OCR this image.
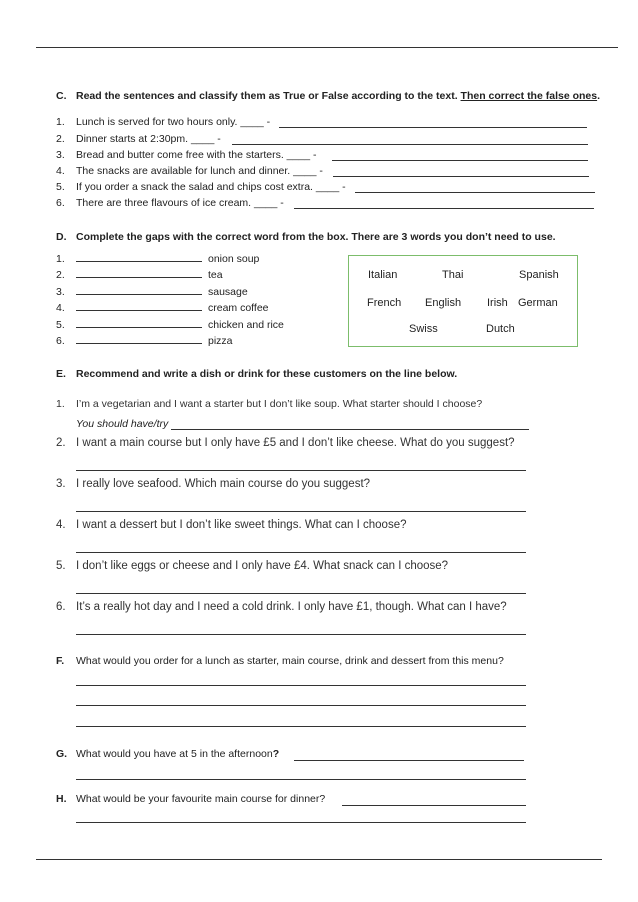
C. Read the sentences and classify them as True or False according to the text. Then correct the false ones.
1. Lunch is served for two hours only. ____ -
2. Dinner starts at 2:30pm. ____ -
3. Bread and butter come free with the starters. ____ -
4. The snacks are available for lunch and dinner. ____ -
5. If you order a snack the salad and chips cost extra. ____ -
6. There are three flavours of ice cream. ____ -
D. Complete the gaps with the correct word from the box. There are 3 words you don’t need to use.
1.	onion soup
2.	tea
3.	sausage
4.	cream coffee
5.	chicken and rice
6.	pizza
Italian	Thai	Spanish
French English Irish German
Swiss	Dutch
E. Recommend and write a dish or drink for these customers on the line below.
1. I’m a vegetarian and I want a starter but I don’t like soup. What starter should I choose?
You should have/try
2. I want a main course but I only have £5 and I don’t like cheese. What do you suggest?
3. I really love seafood. Which main course do you suggest?
4. I want a dessert but I don’t like sweet things. What can I choose?
5. I don’t like eggs or cheese and I only have £4. What snack can I choose?
6. It’s a really hot day and I need a cold drink. I only have £1, though. What can I have?
F. What would you order for a lunch as starter, main course, drink and dessert from this menu?
G. What would you have at 5 in the afternoon?
H. What would be your favourite main course for dinner?
